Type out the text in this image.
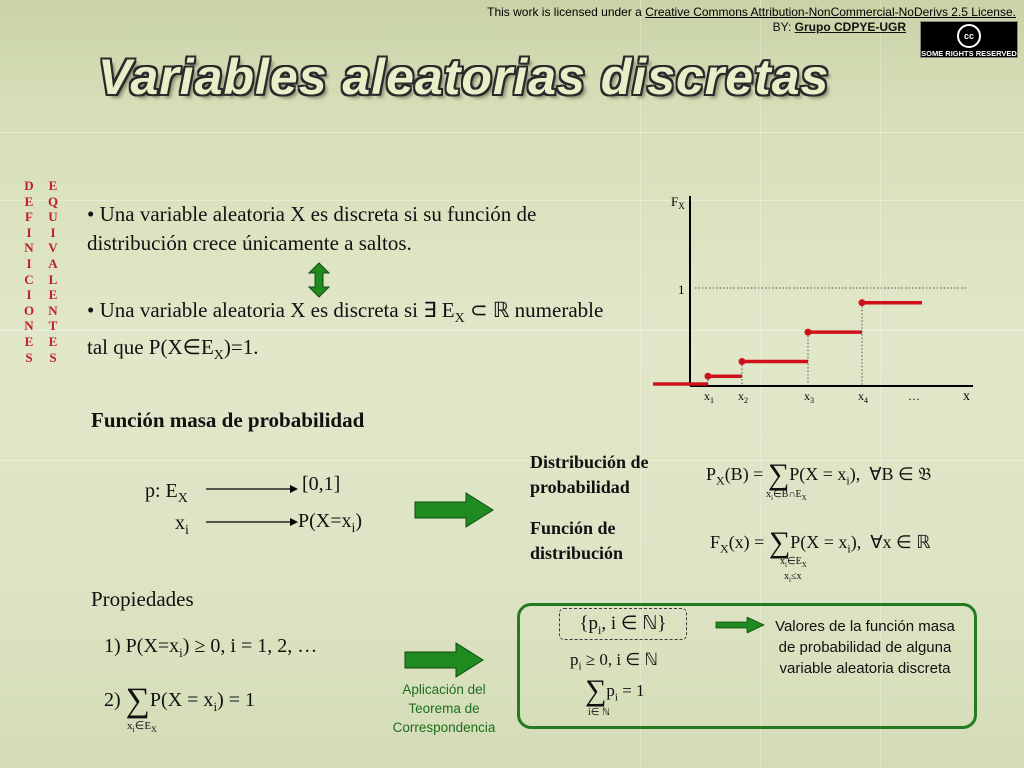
This work is licensed under a Creative Commons Attribution-NonCommercial-NoDerivs 2.5 License.
BY: Grupo CDPYE-UGR
cc
SOME RIGHTS RESERVED
Variables aleatorias discretas
D
E
F
I
N
I
C
I
O
N
E
S
E
Q
U
I
V
A
L
E
N
T
E
S
• Una variable aleatoria X es discreta si su función de distribución crece únicamente a saltos.
• Una variable aleatoria X es discreta si ∃ $E_X$ ⊂ ℝ numerable tal que $P(X\in E_X)=1$.
$F_X$
1
x
$x_1$ $x_2$	$x_3$	$x_4$	…
Función masa de probabilidad
p: $E_X$
[0,1]
$x_i$	$P(X=x_i)$
Distribución de probabilidad
Función de distribución
$P_X(B) = \sum P(X = x_i)$, ∀B ∈ 𝔅
$x_i\in B\cap E_X$
$F_X(x) = \sum P(X = x_i)$, ∀x ∈ ℝ
$x_i\in E_X$
$x_i\le x$
Propiedades
1) $P(X=x_i) \ge 0$, i = 1, 2, …
2) $\sum P(X = x_i) = 1$
$x_i\in E_X$
Aplicación del Teorema de Correspondencia
{$p_i$, i ∈ ℕ}
$p_i \ge 0$, i ∈ ℕ
$\sum p_i = 1$
i∈ ℕ
Valores de la función masa de probabilidad de alguna variable aleatoria discreta
